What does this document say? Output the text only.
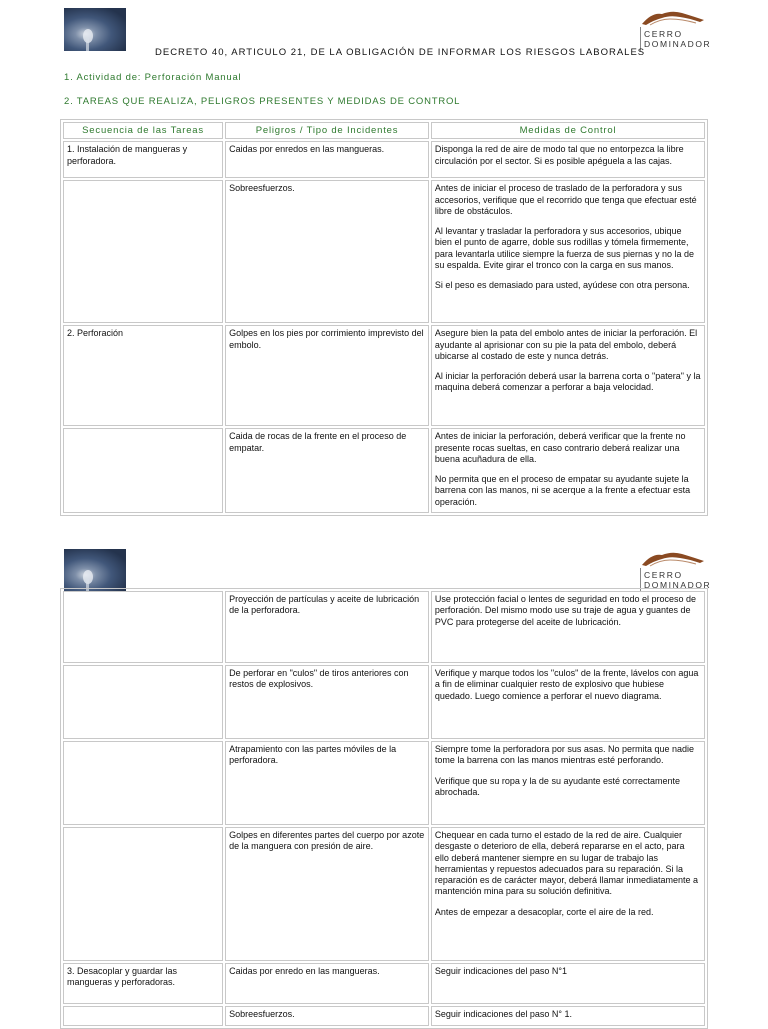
CERRO
DOMINADOR
DECRETO 40, ARTICULO 21, DE LA OBLIGACIÓN DE INFORMAR LOS RIESGOS LABORALES
1. Actividad de: Perforación Manual
2. TAREAS QUE REALIZA, PELIGROS PRESENTES Y MEDIDAS DE CONTROL
Secuencia de las Tareas	Peligros / Tipo de Incidentes	Medidas de Control
1. Instalación de mangueras y perforadora.	Caidas por enredos en las mangueras.	Disponga la red de aire de modo tal que no entorpezca la libre circulación por el sector. Si es posible apéguela a las cajas.

	Sobreesfuerzos.	Antes de iniciar el proceso de traslado de la perforadora y sus accesorios, verifique que el recorrido que tenga que efectuar esté libre de obstáculos.

Al levantar y trasladar la perforadora y sus accesorios, ubique bien el punto de agarre, doble sus rodillas y tómela firmemente, para levantarla utilice siempre la fuerza de sus piernas y no la de su espalda. Evite girar el tronco con la carga en sus manos.

Si el peso es demasiado para usted, ayúdese con otra persona.

2. Perforación	Golpes en los pies por corrimiento imprevisto del embolo.	Asegure bien la pata del embolo antes de iniciar la perforación. El ayudante al aprisionar con su pie la pata del embolo, deberá ubicarse al costado de este y nunca detrás.

Al iniciar la perforación deberá usar la barrena corta o "patera" y la maquina deberá comenzar a perforar a baja velocidad.

	Caida de rocas de la frente en el proceso de empatar.	Antes de iniciar la perforación, deberá verificar que la frente no presente rocas sueltas, en caso contrario deberá realizar una buena acuñadura de ella.

No permita que en el proceso de empatar su ayudante sujete la barrena con las manos, ni se acerque a la frente a efectuar esta operación.

CERRO
DOMINADOR
	Proyección de partículas y aceite de lubricación de la perforadora.	Use protección facial o lentes de seguridad en todo el proceso de perforación. Del mismo modo use su traje de agua y guantes de PVC para protegerse del aceite de lubricación.

	De perforar en "culos" de tiros anteriores con restos de explosivos.	Verifique y marque todos los "culos" de la frente, lávelos con agua a fin de eliminar cualquier resto de explosivo que hubiese quedado. Luego comience a perforar el nuevo diagrama.

	Atrapamiento con las partes móviles de la perforadora.	Siempre tome la perforadora por sus asas. No permita que nadie tome la barrena con las manos mientras esté perforando.

Verifique que su ropa y la de su ayudante esté correctamente abrochada.

	Golpes en diferentes partes del cuerpo por azote de la manguera con presión de aire.	Chequear en cada turno el estado de la red de aire. Cualquier desgaste o deterioro de ella, deberá repararse en el acto, para ello deberá mantener siempre en su lugar de trabajo las herramientas y repuestos adecuados para su reparación. Si la reparación es de carácter mayor, deberá llamar inmediatamente a mantención mina para su solución definitiva.

Antes de empezar a desacoplar, corte el aire de la red.

3. Desacoplar y guardar las mangueras y perforadoras.	Caidas por enredo en las mangueras.	Seguir indicaciones del paso N°1

	Sobreesfuerzos.	Seguir indicaciones del paso N° 1.
